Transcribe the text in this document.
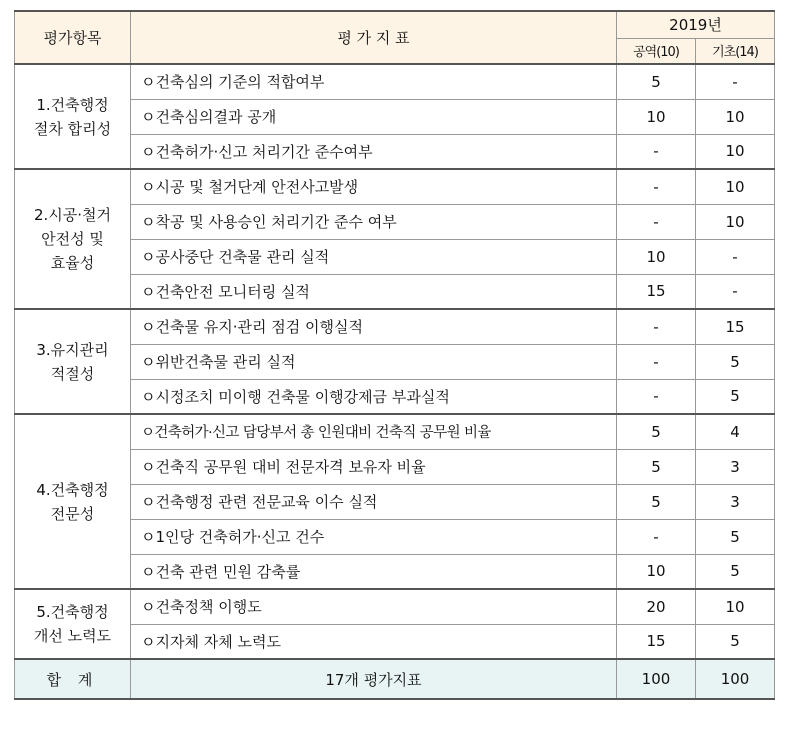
평가항목	평 가 지 표	2019년	
		공역(10)	기초(14)

1.건축행정
절차 합리성	ㅇ건축심의 기준의 적합여부	5	-
	ㅇ건축심의결과 공개	10	10
	ㅇ건축허가·신고 처리기간 준수여부	-	10

2.시공·철거
안전성 및
효율성	ㅇ시공 및 철거단계 안전사고발생	-	10
	ㅇ착공 및 사용승인 처리기간 준수 여부	-	10
	ㅇ공사중단 건축물 관리 실적	10	-
	ㅇ건축안전 모니터링 실적	15	-

3.유지관리
적절성	ㅇ건축물 유지·관리 점검 이행실적	-	15
	ㅇ위반건축물 관리 실적	-	5
	ㅇ시정조치 미이행 건축물 이행강제금 부과실적	-	5

4.건축행정
전문성	ㅇ건축허가·신고 담당부서 총 인원대비 건축직 공무원 비율	5	4
	ㅇ건축직 공무원 대비 전문자격 보유자 비율	5	3
	ㅇ건축행정 관련 전문교육 이수 실적	5	3
	ㅇ1인당 건축허가·신고 건수	-	5
	ㅇ건축 관련 민원 감축률	10	5

5.건축행정
개선 노력도	ㅇ건축정책 이행도	20	10
	ㅇ지자체 자체 노력도	15	5
합 계	17개 평가지표	100	100
